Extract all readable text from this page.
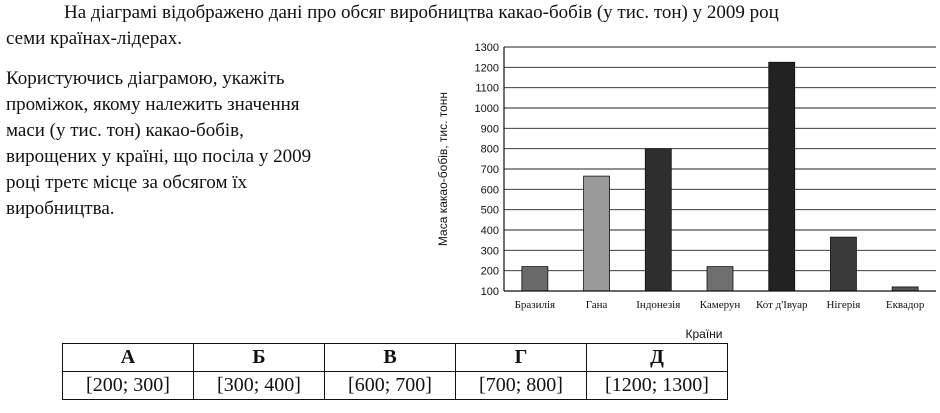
На діаграмі відображено дані про обсяг виробництва какао-бобів (у тис. тон) у 2009 роц
семи країнах-лідерах.
Користуючись діаграмою, укажіть
проміжок, якому належить значення
маси (у тис. тон) какао-бобів,
вирощених у країні, що посіла у 2009
році третє місце за обсягом їх
виробництва.
100
200
300
400
500
600
700
800
900
1000
1100
1200
1300
Бразилія	Гана	Індонезія Камерун Кот д'Івуар Нігерія Еквадор
Маса какао-бобів, тис. тонн
Країни
А	Б	В	Г	Д
[200; 300]	[300; 400]	[600; 700]	[700; 800]	[1200; 1300]
